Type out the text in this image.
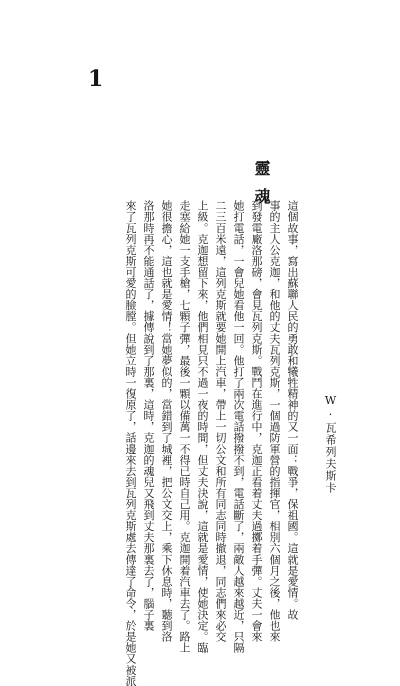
1
靈魂
W·瓦希列夫斯卡
這個故事，寫出蘇聯人民的勇敢和犧牲精神的又一面：戰爭，保祖國。這就是愛情。故
事的主人公克迦，和他的丈夫瓦列克斯，一個過防軍營的指揮官，相別六個月之後，他也來
到發電廠洛那磅，會見瓦列克斯。戰鬥在進行中，克迦正看着丈夫過擲着手彈。丈夫一會來
她打電話，一會兒她看他一回。他打了兩次電話撥撥不到，電話斷了，兩敵人越來越近，只隔
二三百米遠，這列克斯就要她開上汽車，帶上一切公文和所有同志同時撤退，同志們來必交
上級。克迦想留下來，他們相見只不過一夜的時間，但丈夫決說，這就是愛情，使她決定。臨
走塞給她一支手槍，七顆子彈，最後一顆以備萬一不得已時自己用。克迦開着汽車去了。路上
她很擔心，這也就是愛情！當她夢似的，當錯到了城裡，把公文交上，乘下休息時，聽到洛
洛那時再不能通話了，據傳說到了那裏，這時，克迦的魂兒又飛到丈夫那裏去了，腦子裏
來了瓦列克斯可愛的臉膛。但她立時一復原了，話邊來去到瓦列克斯處去傳達了命令，於是她又被派
